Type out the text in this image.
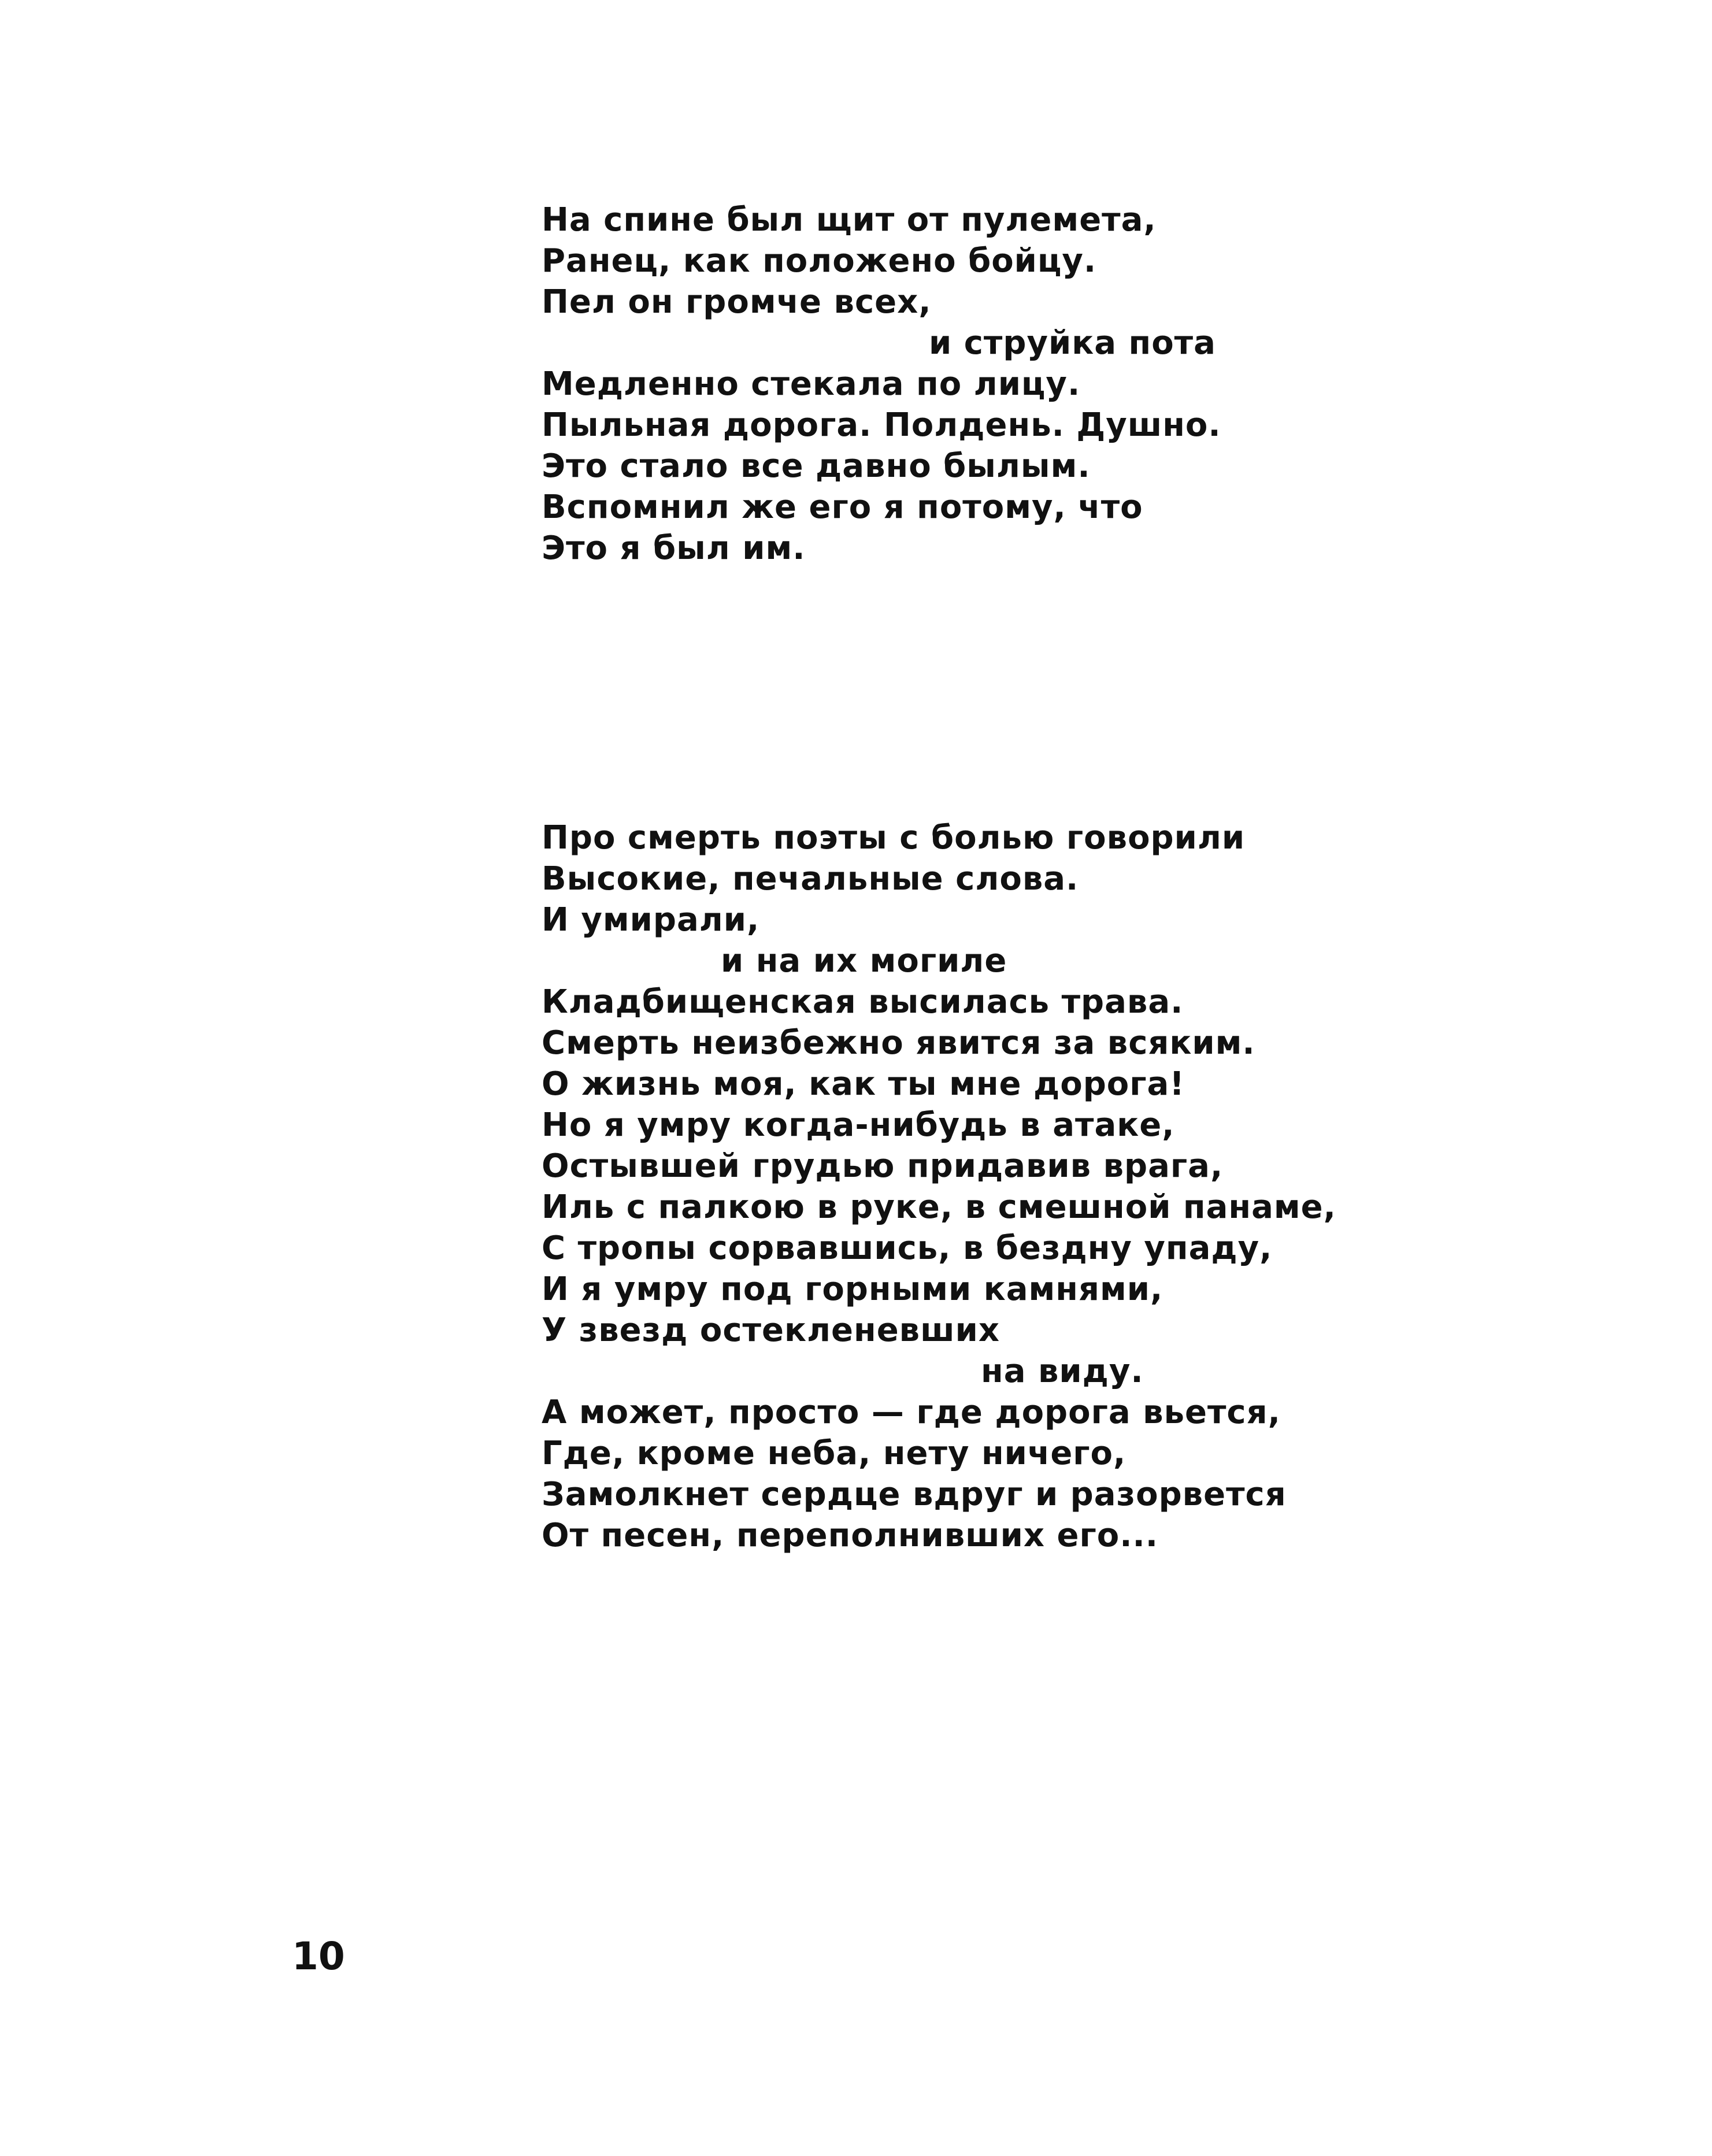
На спине был щит от пулемета,
Ранец, как положено бойцу.
Пел он громче всех,
и струйка пота
Медленно стекала по лицу.
Пыльная дорога. Полдень. Душно.
Это стало все давно былым.
Вспомнил же его я потому, что
Это я был им.
Про смерть поэты с болью говорили
Высокие, печальные слова.
И умирали,
и на их могиле
Кладбищенская высилась трава.
Смерть неизбежно явится за всяким.
О жизнь моя, как ты мне дорога!
Но я умру когда-нибудь в атаке,
Остывшей грудью придавив врага,
Иль с палкою в руке, в смешной панаме,
С тропы сорвавшись, в бездну упаду,
И я умру под горными камнями,
У звезд остекленевших
на виду.
А может, просто — где дорога вьется,
Где, кроме неба, нету ничего,
Замолкнет сердце вдруг и разорвется
От песен, переполнивших его...
10
